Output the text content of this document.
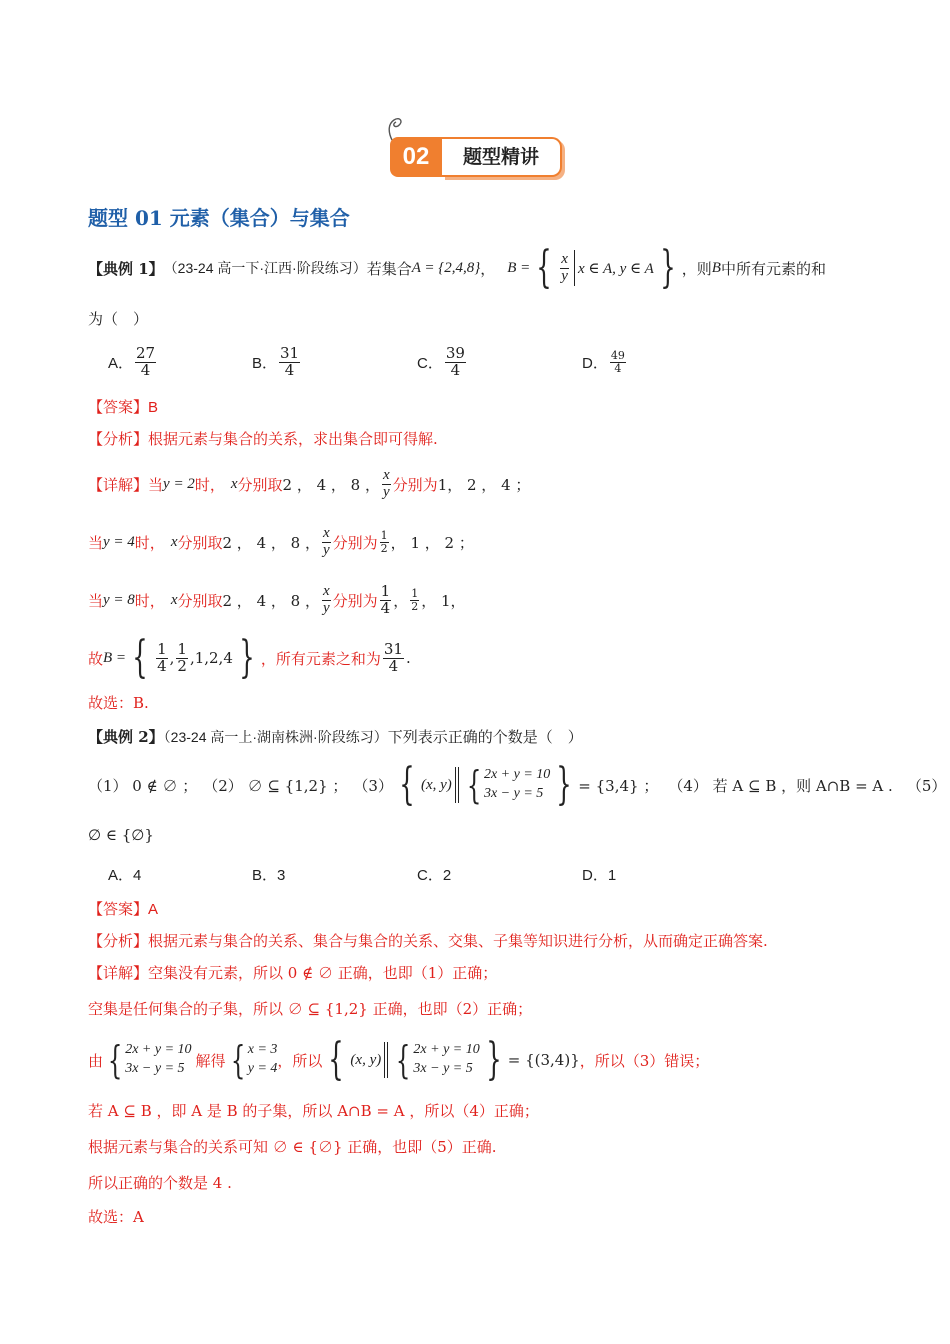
02	题型精讲
题型 01 元素（集合）与集合
【典例 1】 （23-24 高一下·江西·阶段练习） 若集合 A = {2,4,8} ， B = { $\frac{x}{y}$ x ∈ A, y ∈ A } ，则 B 中所有元素的和
为（　）
A． $\frac{27}{4}$	B． $\frac{31}{4}$	C． $\frac{39}{4}$	D． $\frac{49}{4}$
【答案】B
【分析】根据元素与集合的关系，求出集合即可得解.
【详解】 当 y = 2 时， x 分别取 2 ， 4 ， 8 ， $\frac{x}{y}$ 分别为 1， 2 ， 4 ；
当 y = 4 时， x 分别取 2 ， 4 ， 8 ， $\frac{x}{y}$ 分别为 $\frac{1}{2}$ ， 1 ， 2 ；
当 y = 8 时， x 分别取 2 ， 4 ， 8 ， $\frac{x}{y}$ 分别为 $\frac{1}{4}$ ， $\frac{1}{2}$ ， 1，
故 B = { $\frac{1}{4}$ , $\frac{1}{2} ,1,2,4$ } ，所有元素之和为 $\frac{31}{4}$ .
故选：B.
【典例 2】（23-24 高一上·湖南株洲·阶段练习）下列表示正确的个数是（　）
（1） 0 ∉ ∅ ； （2） ∅ ⊆ {1,2} ； （3） { (x, y) { 2x + y = 10
3x − y = 5 } = {3,4} ； （4） 若 A ⊆ B ，则 A∩B = A . （5）
∅ ∈ {∅}
A．4	B．3	C．2	D．1
【答案】A
【分析】根据元素与集合的关系、集合与集合的关系、交集、子集等知识进行分析，从而确定正确答案.
【详解】空集没有元素，所以 0 ∉ ∅ 正确，也即（1）正确；
空集是任何集合的子集，所以 ∅ ⊆ {1,2} 正确，也即（2）正确；
由 { 2x + y = 10
3x − y = 5 解得 { x = 3
y = 4 ，所以 { (x, y) { 2x + y = 10
3x − y = 5 } = {(3,4)} ，所以（3）错误；
若 A ⊆ B ，即 A 是 B 的子集，所以 A∩B = A ，所以（4）正确；
根据元素与集合的关系可知 ∅ ∈ {∅} 正确，也即（5）正确.
所以正确的个数是 4 .
故选：A
